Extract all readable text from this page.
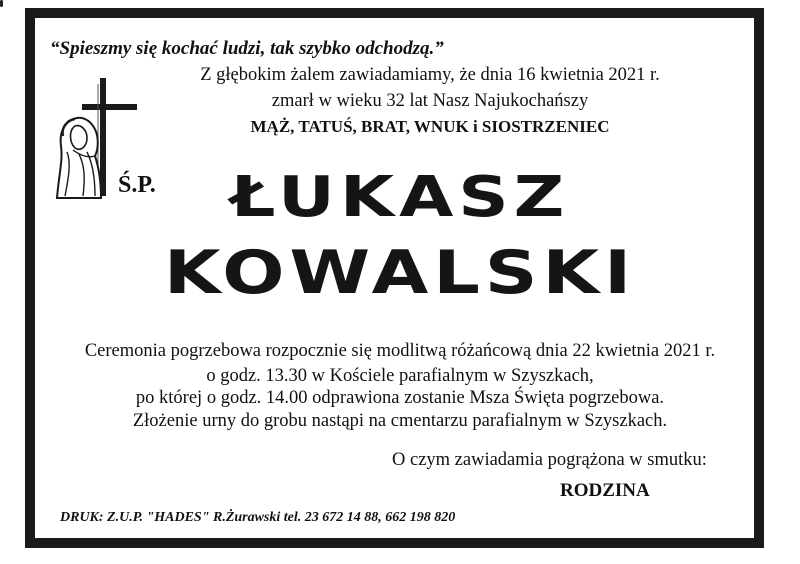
“Spieszmy się kochać ludzi, tak szybko odchodzą.”
Z głębokim żalem zawiadamiamy, że dnia 16 kwietnia 2021 r.
zmarł w wieku 32 lat Nasz Najukochańszy
MĄŻ, TATUŚ, BRAT, WNUK i SIOSTRZENIEC
Ś.P.	ŁUKASZ
KOWALSKI
Ceremonia pogrzebowa rozpocznie się modlitwą różańcową dnia 22 kwietnia 2021 r.
o godz. 13.30 w Kościele parafialnym w Szyszkach,
po której o godz. 14.00 odprawiona zostanie Msza Święta pogrzebowa.
Złożenie urny do grobu nastąpi na cmentarzu parafialnym w Szyszkach.
O czym zawiadamia pogrążona w smutku:
RODZINA
DRUK: Z.U.P. "HADES" R.Żurawski tel. 23 672 14 88, 662 198 820
